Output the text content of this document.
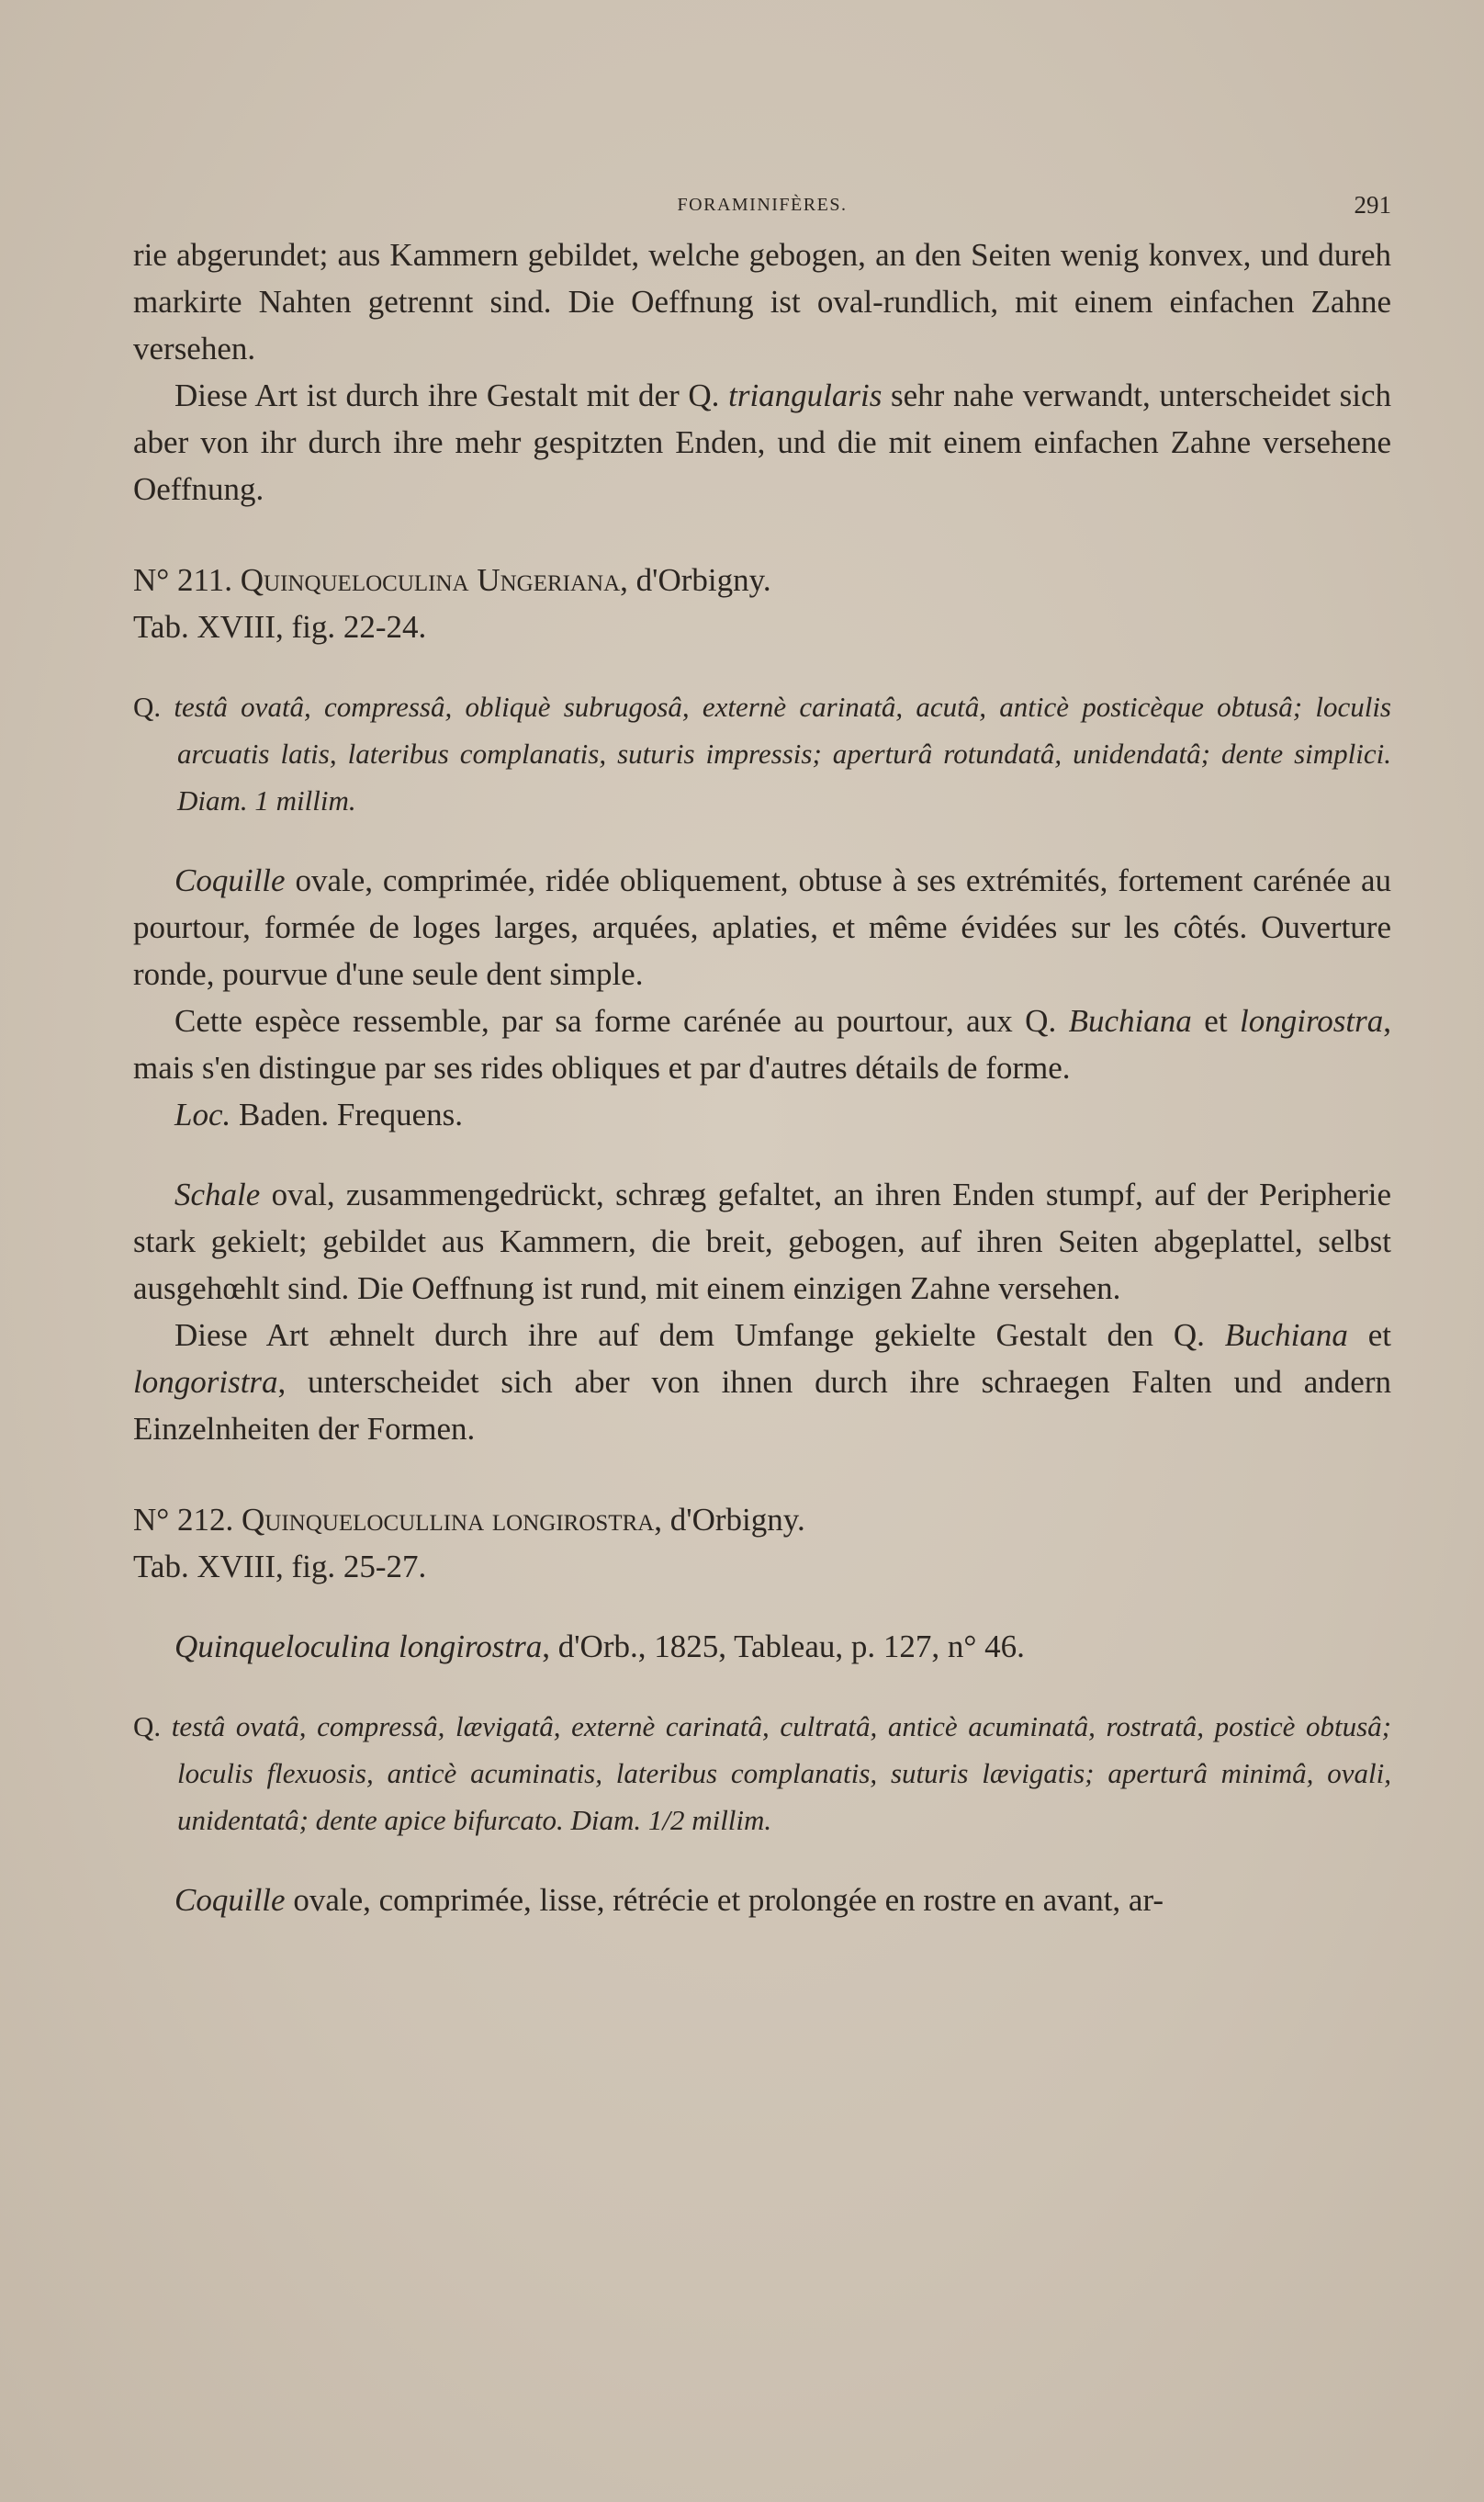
FORAMINIFÈRES.	291

rie abgerundet; aus Kammern gebildet, welche gebogen, an den Seiten wenig konvex, und dureh markirte Nahten getrennt sind. Die Oeffnung ist oval-rundlich, mit einem einfachen Zahne versehen.

Diese Art ist durch ihre Gestalt mit der Q. triangularis sehr nahe verwandt, unterscheidet sich aber von ihr durch ihre mehr gespitzten Enden, und die mit einem einfachen Zahne versehene Oeffnung.

N° 211. Quinqueloculina Ungeriana, d'Orbigny.

Tab. XVIII, fig. 22-24.

Q. testâ ovatâ, compressâ, obliquè subrugosâ, externè carinatâ, acutâ, anticè posticèque obtusâ; loculis arcuatis latis, lateribus complanatis, suturis impressis; aperturâ rotundatâ, unidendatâ; dente simplici. Diam. 1 millim.

Coquille ovale, comprimée, ridée obliquement, obtuse à ses extrémités, fortement carénée au pourtour, formée de loges larges, arquées, aplaties, et même évidées sur les côtés. Ouverture ronde, pourvue d'une seule dent simple.

Cette espèce ressemble, par sa forme carénée au pourtour, aux Q. Buchiana et longirostra, mais s'en distingue par ses rides obliques et par d'autres détails de forme.

Loc. Baden. Frequens.

Schale oval, zusammengedrückt, schræg gefaltet, an ihren Enden stumpf, auf der Peripherie stark gekielt; gebildet aus Kammern, die breit, gebogen, auf ihren Seiten abgeplattel, selbst ausgehœhlt sind. Die Oeffnung ist rund, mit einem einzigen Zahne versehen.

Diese Art æhnelt durch ihre auf dem Umfange gekielte Gestalt den Q. Buchiana et longoristra, unterscheidet sich aber von ihnen durch ihre schraegen Falten und andern Einzelnheiten der Formen.

N° 212. Quinquelocullina longirostra, d'Orbigny.

Tab. XVIII, fig. 25-27.

Quinqueloculina longirostra, d'Orb., 1825, Tableau, p. 127, n° 46.

Q. testâ ovatâ, compressâ, lævigatâ, externè carinatâ, cultratâ, anticè acuminatâ, rostratâ, posticè obtusâ; loculis flexuosis, anticè acuminatis, lateribus complanatis, suturis lævigatis; aperturâ minimâ, ovali, unidentatâ; dente apice bifurcato. Diam. 1/2 millim.

Coquille ovale, comprimée, lisse, rétrécie et prolongée en rostre en avant, ar-
